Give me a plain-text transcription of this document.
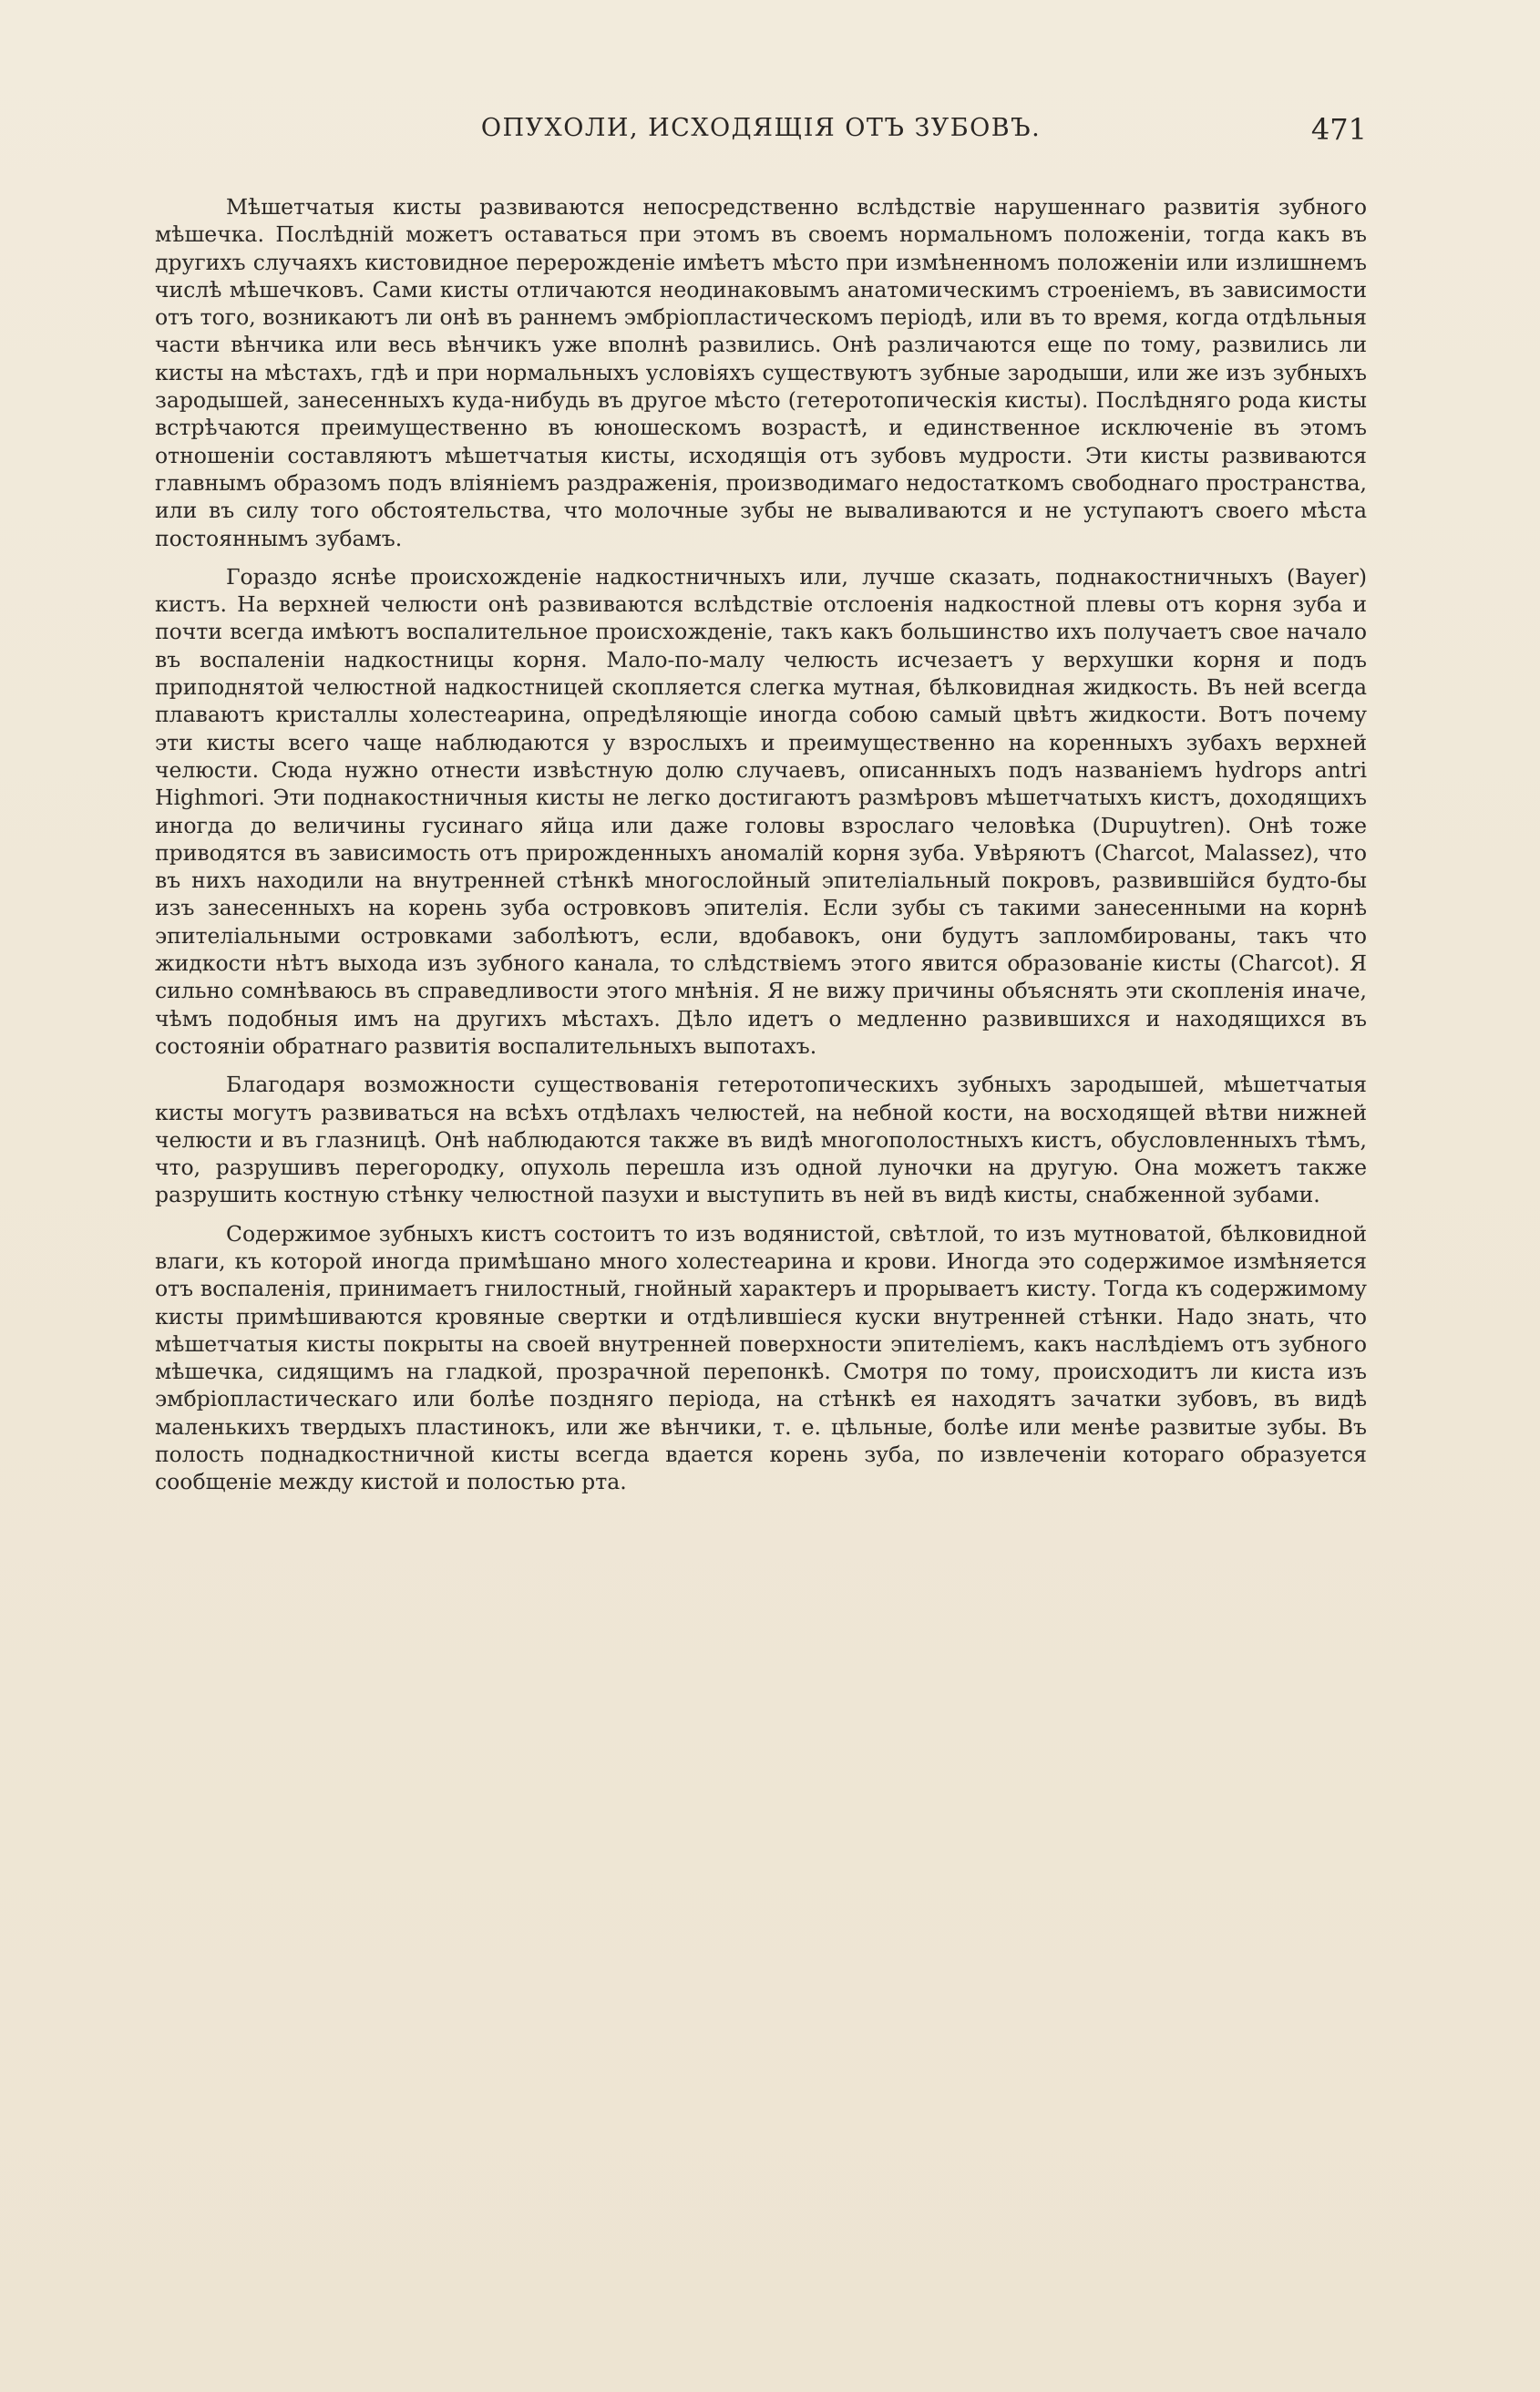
ОПУХОЛИ, ИСХОДЯЩІЯ ОТЪ ЗУБОВЪ.	471

Мѣшетчатыя кисты развиваются непосредственно вслѣдствіе нарушеннаго развитія зубного мѣшечка. Послѣдній можетъ оставаться при этомъ въ своемъ нормальномъ положеніи, тогда какъ въ другихъ случаяхъ кистовидное перерожденіе имѣетъ мѣсто при измѣненномъ положеніи или излишнемъ числѣ мѣшечковъ. Сами кисты отличаются неодинаковымъ анатомическимъ строеніемъ, въ зависимости отъ того, возникаютъ ли онѣ въ раннемъ эмбріопластическомъ періодѣ, или въ то время, когда отдѣльныя части вѣнчика или весь вѣнчикъ уже вполнѣ развились. Онѣ различаются еще по тому, развились ли кисты на мѣстахъ, гдѣ и при нормальныхъ условіяхъ существуютъ зубные зародыши, или же изъ зубныхъ зародышей, занесенныхъ куда-нибудь въ другое мѣсто (гетеротопическія кисты). Послѣдняго рода кисты встрѣчаются преимущественно въ юношескомъ возрастѣ, и единственное исключеніе въ этомъ отношеніи составляютъ мѣшетчатыя кисты, исходящія отъ зубовъ мудрости. Эти кисты развиваются главнымъ образомъ подъ вліяніемъ раздраженія, производимаго недостаткомъ свободнаго пространства, или въ силу того обстоятельства, что молочные зубы не вываливаются и не уступаютъ своего мѣста постояннымъ зубамъ.

Гораздо яснѣе происхожденіе надкостничныхъ или, лучше сказать, поднакостничныхъ (Bayer) кистъ. На верхней челюсти онѣ развиваются вслѣдствіе отслоенія надкостной плевы отъ корня зуба и почти всегда имѣютъ воспалительное происхожденіе, такъ какъ большинство ихъ получаетъ свое начало въ воспаленіи надкостницы корня. Мало-по-малу челюсть исчезаетъ у верхушки корня и подъ приподнятой челюстной надкостницей скопляется слегка мутная, бѣлковидная жидкость. Въ ней всегда плаваютъ кристаллы холестеарина, опредѣляющіе иногда собою самый цвѣтъ жидкости. Вотъ почему эти кисты всего чаще наблюдаются у взрослыхъ и преимущественно на коренныхъ зубахъ верхней челюсти. Сюда нужно отнести извѣстную долю случаевъ, описанныхъ подъ названіемъ hydrops antri Highmori. Эти поднакостничныя кисты не легко достигаютъ размѣровъ мѣшетчатыхъ кистъ, доходящихъ иногда до величины гусинаго яйца или даже головы взрослаго человѣка (Dupuytren). Онѣ тоже приводятся въ зависимость отъ прирожденныхъ аномалій корня зуба. Увѣряютъ (Charcot, Malassez), что въ нихъ находили на внутренней стѣнкѣ многослойный эпителіальный покровъ, развившійся будто-бы изъ занесенныхъ на корень зуба островковъ эпителія. Если зубы съ такими занесенными на корнѣ эпителіальными островками заболѣютъ, если, вдобавокъ, они будутъ запломбированы, такъ что жидкости нѣтъ выхода изъ зубного канала, то слѣдствіемъ этого явится образованіе кисты (Charcot). Я сильно сомнѣваюсь въ справедливости этого мнѣнія. Я не вижу причины объяснять эти скопленія иначе, чѣмъ подобныя имъ на другихъ мѣстахъ. Дѣло идетъ о медленно развившихся и находящихся въ состояніи обратнаго развитія воспалительныхъ выпотахъ.

Благодаря возможности существованія гетеротопическихъ зубныхъ зародышей, мѣшетчатыя кисты могутъ развиваться на всѣхъ отдѣлахъ челюстей, на небной кости, на восходящей вѣтви нижней челюсти и въ глазницѣ. Онѣ наблюдаются также въ видѣ многополостныхъ кистъ, обусловленныхъ тѣмъ, что, разрушивъ перегородку, опухоль перешла изъ одной луночки на другую. Она можетъ также разрушить костную стѣнку челюстной пазухи и выступить въ ней въ видѣ кисты, снабженной зубами.

Содержимое зубныхъ кистъ состоитъ то изъ водянистой, свѣтлой, то изъ мутноватой, бѣлковидной влаги, къ которой иногда примѣшано много холестеарина и крови. Иногда это содержимое измѣняется отъ воспаленія, принимаетъ гнилостный, гнойный характеръ и прорываетъ кисту. Тогда къ содержимому кисты примѣшиваются кровяные свертки и отдѣлившіеся куски внутренней стѣнки. Надо знать, что мѣшетчатыя кисты покрыты на своей внутренней поверхности эпителіемъ, какъ наслѣдіемъ отъ зубного мѣшечка, сидящимъ на гладкой, прозрачной перепонкѣ. Смотря по тому, происходитъ ли киста изъ эмбріопластическаго или болѣе поздняго періода, на стѣнкѣ ея находятъ зачатки зубовъ, въ видѣ маленькихъ твердыхъ пластинокъ, или же вѣнчики, т. е. цѣльные, болѣе или менѣе развитые зубы. Въ полость поднадкостничной кисты всегда вдается корень зуба, по извлеченіи котораго образуется сообщеніе между кистой и полостью рта.
